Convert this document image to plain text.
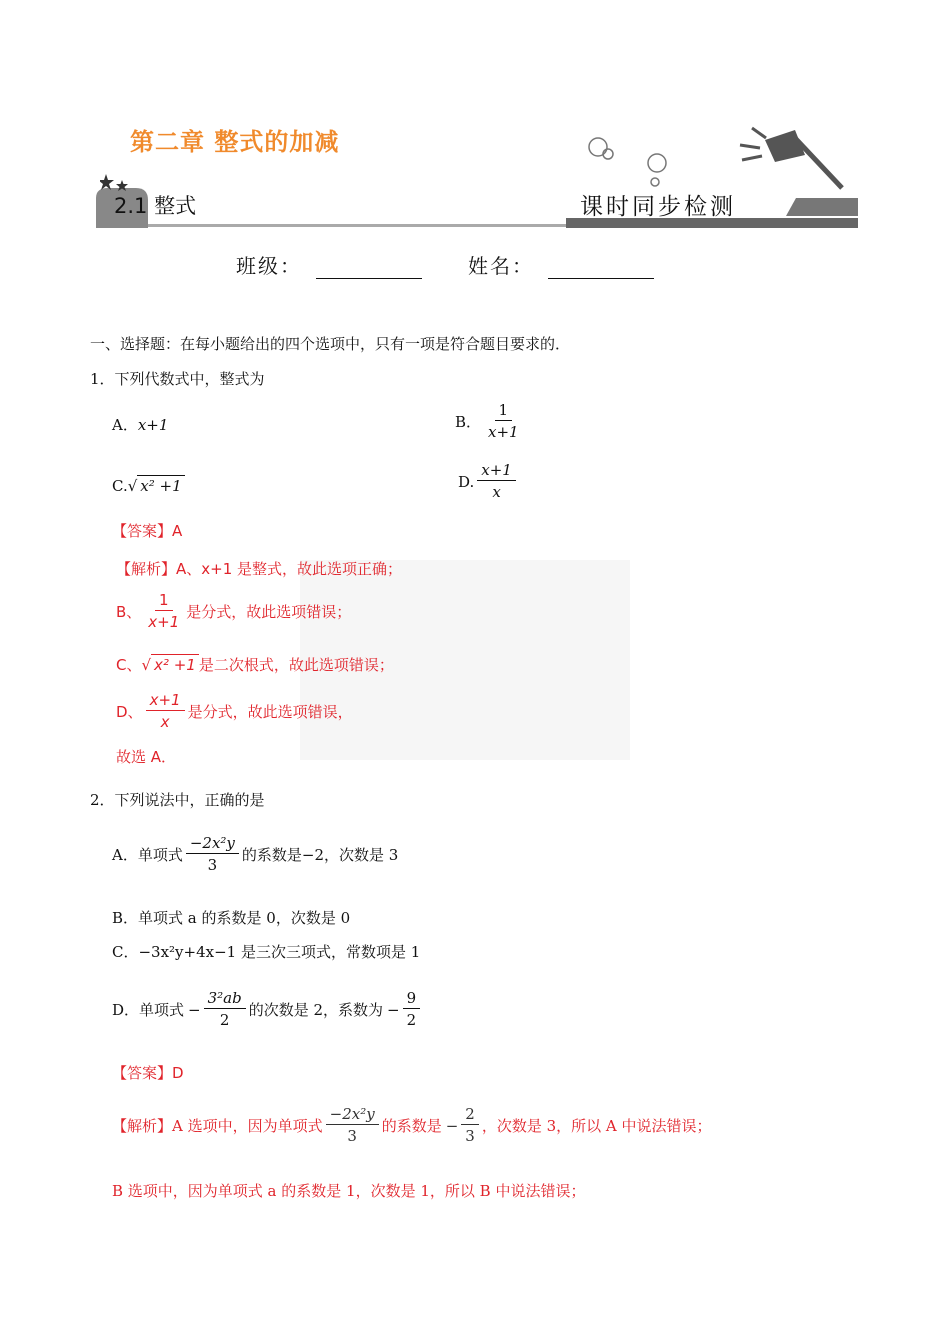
第二章 整式的加减
2.1 整式	课时同步检测
班级：	姓名：
一、选择题：在每小题给出的四个选项中，只有一项是符合题目要求的．
1．下列代数式中，整式为
A．x+1	B． $\frac{1}{x+1}$
C.√ x² +1	D. $\frac{x+1}{x}$
【答案】A
【解析】A、x+1 是整式，故此选项正确；
B、 $\frac{1}{x+1}$ 是分式，故此选项错误；
C、√ x² +1 是二次根式，故此选项错误；
D、 $\frac{x+1}{x}$ 是分式，故此选项错误，
故选 A．
2．下列说法中，正确的是
A．单项式 $\frac{\text{−2x²y}}{3}$ 的系数是−2，次数是 3
B．单项式 a 的系数是 0，次数是 0
C．−3x²y+4x−1 是三次三项式，常数项是 1
D．单项式 − $\frac{\text{3²ab}}{2}$ 的次数是 2，系数为 − $\frac{9}{2}$
【答案】D
【解析】 A 选项中，因为单项式 $\frac{\text{−2x²y}}{3}$ 的系数是 − $\frac{2}{3}$ ，次数是 3，所以 A 中说法错误；
B 选项中，因为单项式 a 的系数是 1，次数是 1，所以 B 中说法错误；
